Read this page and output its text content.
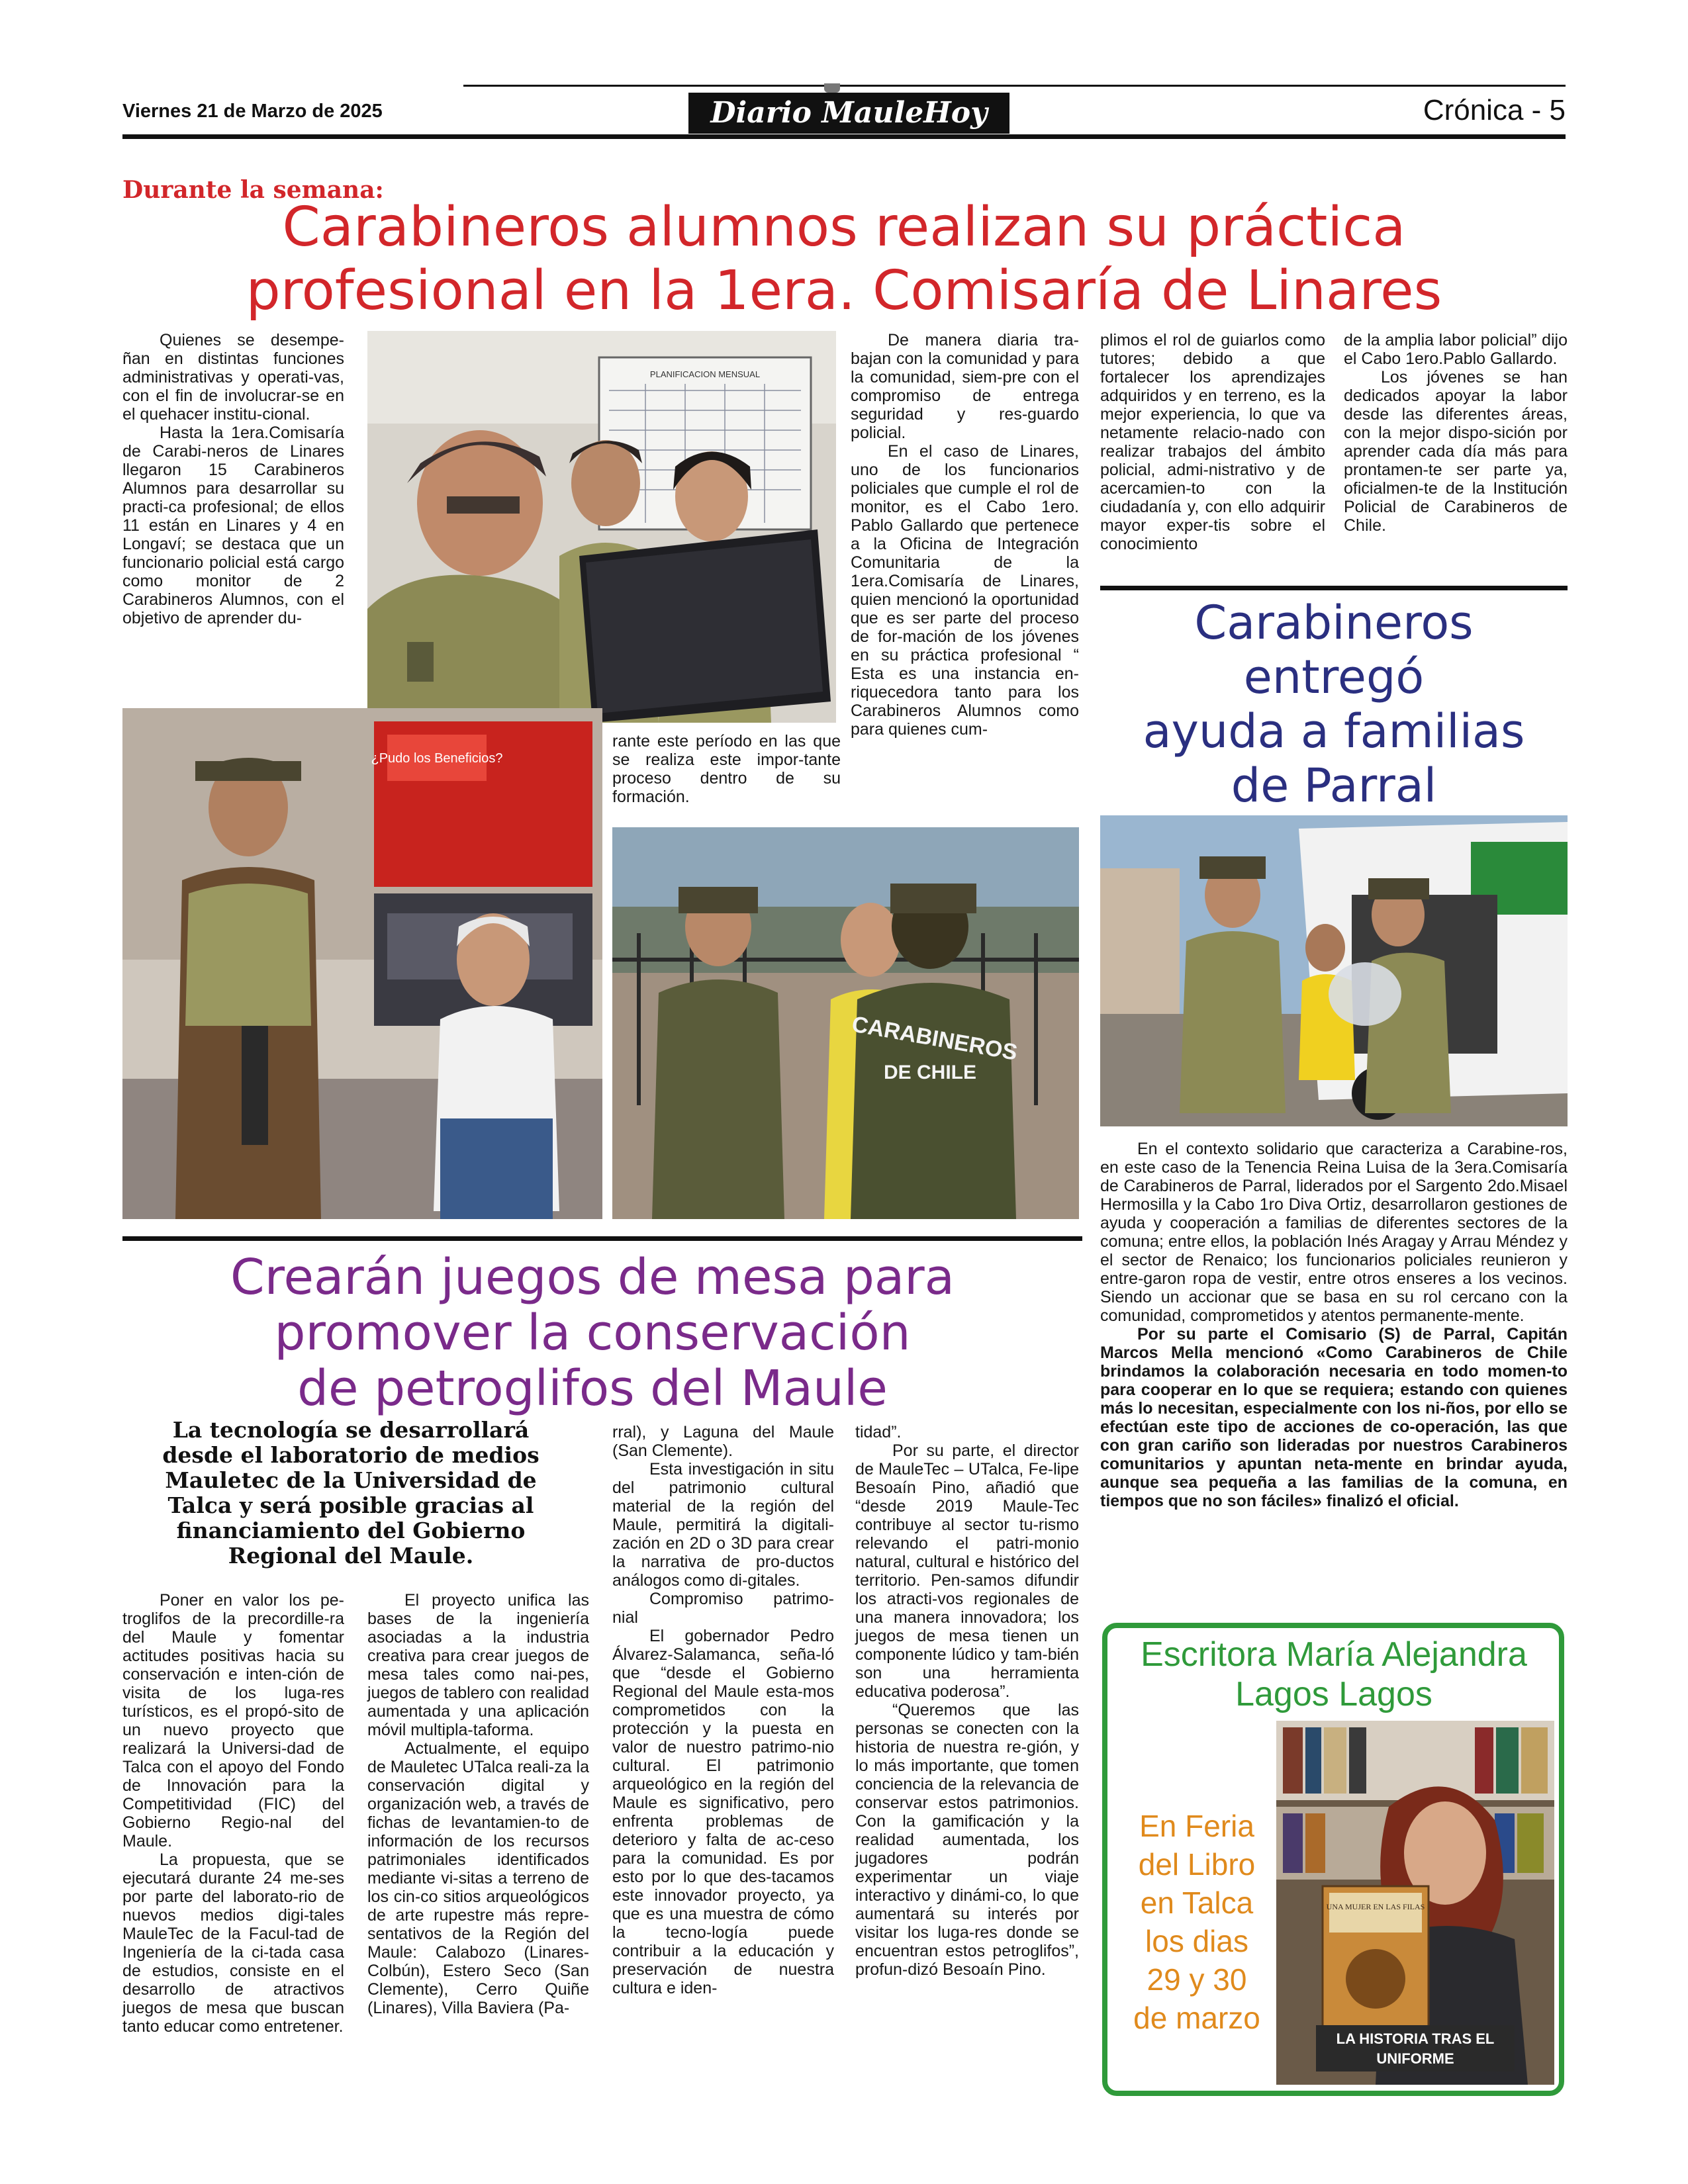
Viernes 21 de Marzo de 2025	Diario MauleHoy	Crónica - 5
Durante la semana:
Carabineros alumnos realizan su práctica
profesional en la 1era. Comisaría de Linares

Quienes se desempe-ñan en distintas funciones administrativas y operati-vas, con el fin de involucrar-se en el quehacer institu-cional.

Hasta la 1era.Comisaría de Carabi-neros de Linares llegaron 15 Carabineros Alumnos para desarrollar su practi-ca profesional; de ellos 11 están en Linares y 4 en Longaví; se destaca que un funcionario policial está cargo como monitor de 2 Carabineros Alumnos, con el objetivo de aprender du-

PLANIFICACION MENSUAL

De manera diaria tra-bajan con la comunidad y para la comunidad, siem-pre con el compromiso de entrega seguridad y res-guardo policial.

En el caso de Linares, uno de los funcionarios policiales que cumple el rol de monitor, es el Cabo 1ero. Pablo Gallardo que pertenece a la Oficina de Integración Comunitaria de la 1era.Comisaría de Linares, quien mencionó la oportunidad que es ser parte del proceso de for-mación de los jóvenes en su práctica profesional “ Esta es una instancia en-riquecedora tanto para los Carabineros Alumnos como para quienes cum-

plimos el rol de guiarlos como tutores; debido a que fortalecer los aprendizajes adquiridos y en terreno, es la mejor experiencia, lo que va netamente relacio-nado con realizar trabajos del ámbito policial, admi-nistrativo y de acercamien-to con la ciudadanía y, con ello adquirir mayor exper-tis sobre el conocimiento

de la amplia labor policial” dijo el Cabo 1ero.Pablo Gallardo.

Los jóvenes se han dedicados apoyar la labor desde las diferentes áreas, con la mejor dispo-sición por aprender cada día más para prontamen-te ser parte ya, oficialmen-te de la Institución Policial de Carabineros de Chile.

¿Pudo los Beneficios?

rante este período en las que se realiza este impor-tante proceso dentro de su formación.

CARABINEROS
DE CHILE
Carabineros
entregó
ayuda a familias
de Parral

En el contexto solidario que caracteriza a Carabine-ros, en este caso de la Tenencia Reina Luisa de la 3era.Comisaría de Carabineros de Parral, liderados por el Sargento 2do.Misael Hermosilla y la Cabo 1ro Diva Ortiz, desarrollaron gestiones de ayuda y cooperación a familias de diferentes sectores de la comuna; entre ellos, la población Inés Aragay y Arrau Méndez y el sector de Renaico; los funcionarios policiales reunieron y entre-garon ropa de vestir, entre otros enseres a los vecinos. Siendo un accionar que se basa en su rol cercano con la comunidad, comprometidos y atentos permanente-mente.

Por su parte el Comisario (S) de Parral, Capitán Marcos Mella mencionó «Como Carabineros de Chile brindamos la colaboración necesaria en todo momen-to para cooperar en lo que se requiera; estando con quienes más lo necesitan, especialmente con los ni-ños, por ello se efectúan este tipo de acciones de co-operación, las que con gran cariño son lideradas por nuestros Carabineros comunitarios y apuntan neta-mente en brindar ayuda, aunque sea pequeña a las familias de la comuna, en tiempos que no son fáciles» finalizó el oficial.

Crearán juegos de mesa para
promover la conservación
de petroglifos del Maule
La tecnología se desarrollará desde el laboratorio de medios Mauletec de la Universidad de Talca y será posible gracias al financiamiento del Gobierno Regional del Maule.

Poner en valor los pe-troglifos de la precordille-ra del Maule y fomentar actitudes positivas hacia su conservación e inten-ción de visita de los luga-res turísticos, es el propó-sito de un nuevo proyecto que realizará la Universi-dad de Talca con el apoyo del Fondo de Innovación para la Competitividad (FIC) del Gobierno Regio-nal del Maule.

La propuesta, que se ejecutará durante 24 me-ses por parte del laborato-rio de nuevos medios digi-tales MauleTec de la Facul-tad de Ingeniería de la ci-tada casa de estudios, consiste en el desarrollo de atractivos juegos de mesa que buscan tanto educar como entretener.

El proyecto unifica las bases de la ingeniería asociadas a la industria creativa para crear juegos de mesa tales como nai-pes, juegos de tablero con realidad aumentada y una aplicación móvil multipla-taforma.

Actualmente, el equipo de Mauletec UTalca reali-za la conservación digital y organización web, a través de fichas de levantamien-to de información de los recursos patrimoniales identificados mediante vi-sitas a terreno de los cin-co sitios arqueológicos de arte rupestre más repre-sentativos de la Región del Maule: Calabozo (Linares-Colbún), Estero Seco (San Clemente), Cerro Quiñe (Linares), Villa Baviera (Pa-

rral), y Laguna del Maule (San Clemente).

Esta investigación in situ del patrimonio cultural material de la región del Maule, permitirá la digitali-zación en 2D o 3D para crear la narrativa de pro-ductos análogos como di-gitales.

Compromiso patrimo-nial

El gobernador Pedro Álvarez-Salamanca, seña-ló que “desde el Gobierno Regional del Maule esta-mos comprometidos con la protección y la puesta en valor de nuestro patrimo-nio cultural. El patrimonio arqueológico en la región del Maule es significativo, pero enfrenta problemas de deterioro y falta de ac-ceso para la comunidad. Es por esto por lo que des-tacamos este innovador proyecto, ya que es una muestra de cómo la tecno-logía puede contribuir a la educación y preservación de nuestra cultura e iden-

tidad”.

Por su parte, el director de MauleTec – UTalca, Fe-lipe Besoaín Pino, añadió que “desde 2019 Maule-Tec contribuye al sector tu-rismo relevando el patri-monio natural, cultural e histórico del territorio. Pen-samos difundir los atracti-vos regionales de una manera innovadora; los juegos de mesa tienen un componente lúdico y tam-bién son una herramienta educativa poderosa”.

“Queremos que las personas se conecten con la historia de nuestra re-gión, y lo más importante, que tomen conciencia de la relevancia de conservar estos patrimonios. Con la gamificación y la realidad aumentada, los jugadores podrán experimentar un viaje interactivo y dinámi-co, lo que aumentará su interés por visitar los luga-res donde se encuentran estos petroglifos”, profun-dizó Besoaín Pino.

Escritora María Alejandra
Lagos Lagos
En Feria
del Libro
en Talca
los dias
29 y 30
de marzo
UNA MUJER EN LAS FILAS
LA HISTORIA TRAS EL
UNIFORME
